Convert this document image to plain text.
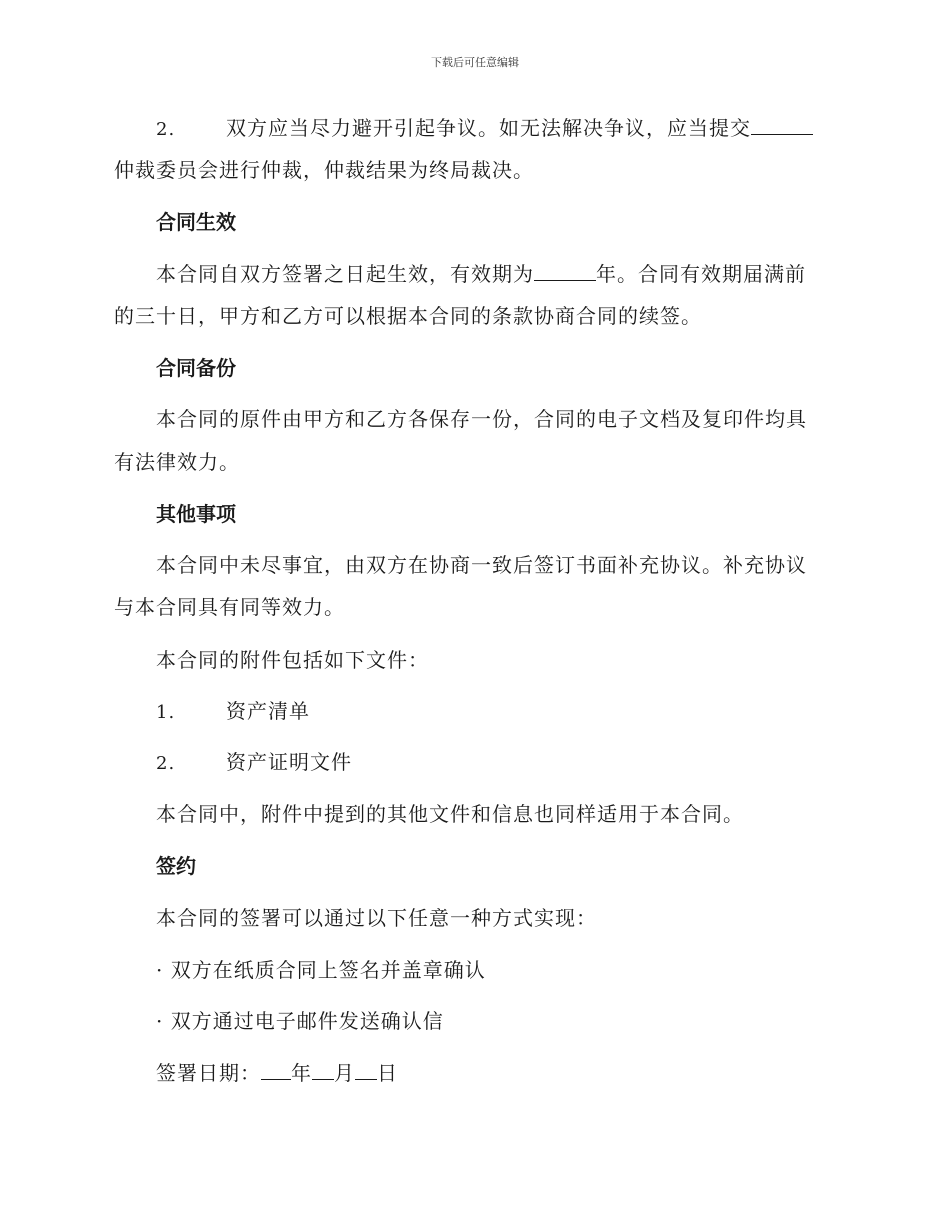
下载后可任意编辑
2.	双方应当尽力避开引起争议。如无法解决争议，应当提交
仲裁委员会进行仲裁，仲裁结果为终局裁决。
合同生效
本合同自双方签署之日起生效，有效期为	年。合同有效期届满前
的三十日，甲方和乙方可以根据本合同的条款协商合同的续签。
合同备份
本合同的原件由甲方和乙方各保存一份，合同的电子文档及复印件均具
有法律效力。
其他事项
本合同中未尽事宜，由双方在协商一致后签订书面补充协议。补充协议
与本合同具有同等效力。
本合同的附件包括如下文件：
1.	资产清单
2.	资产证明文件
本合同中，附件中提到的其他文件和信息也同样适用于本合同。
签约
本合同的签署可以通过以下任意一种方式实现：
· 双方在纸质合同上签名并盖章确认
· 双方通过电子邮件发送确认信
签署日期： 年 月 日
